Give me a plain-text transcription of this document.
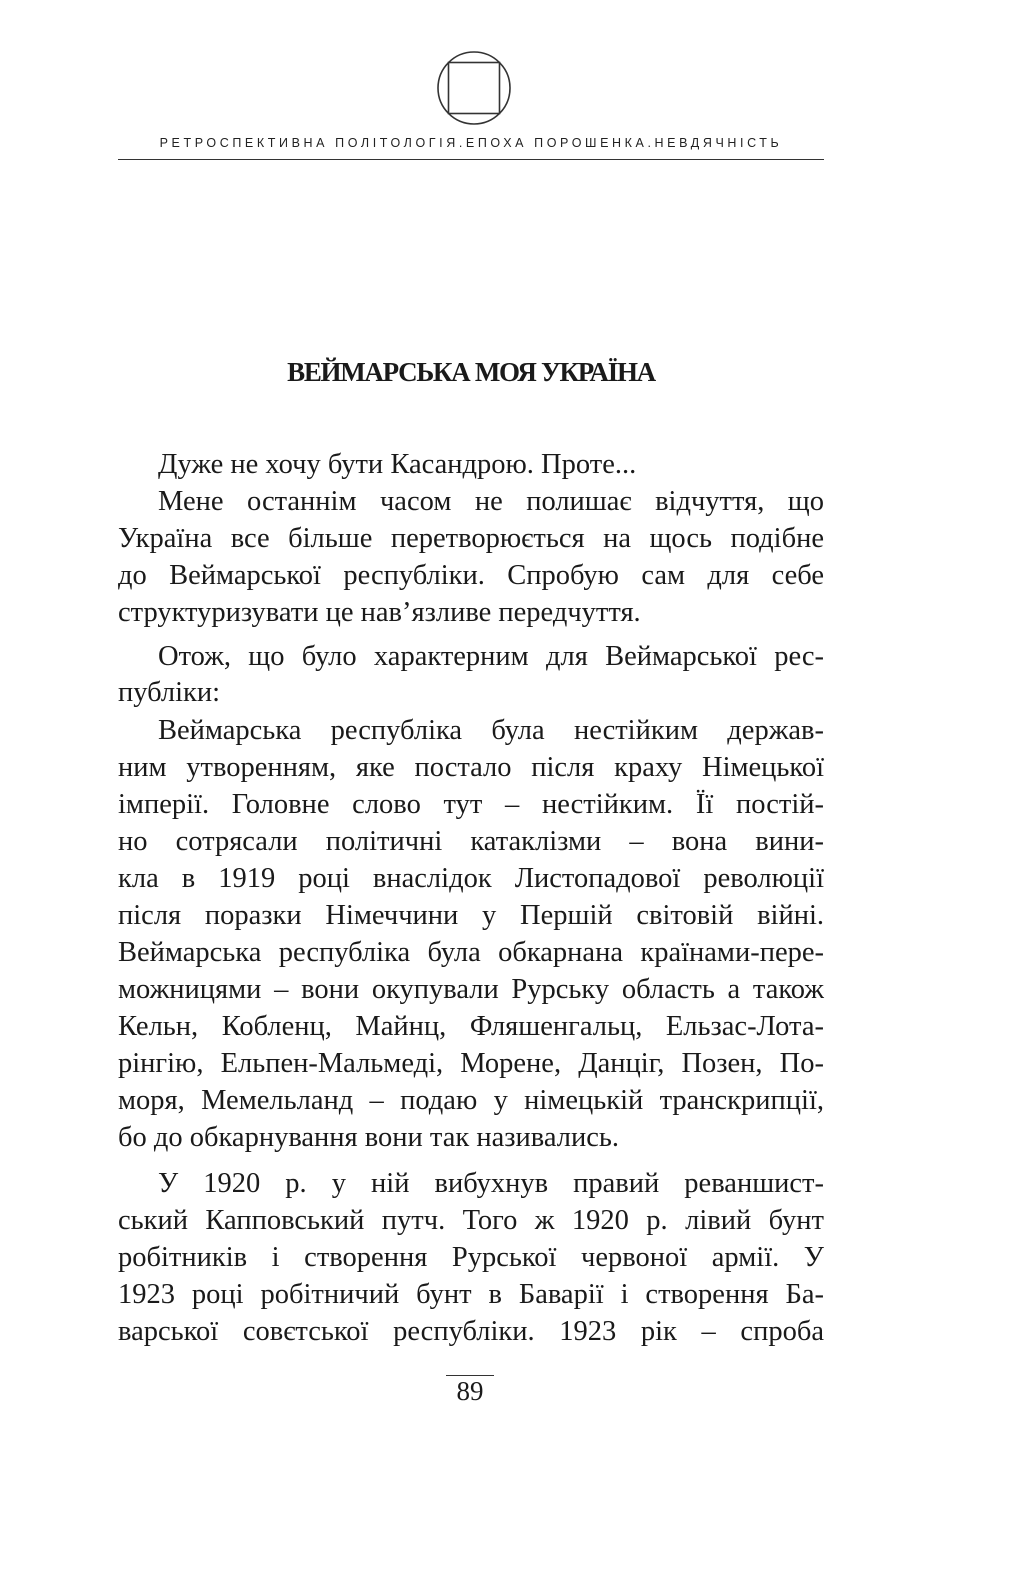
РЕТРОСПЕКТИВНА ПОЛІТОЛОГІЯ.ЕПОХА ПОРОШЕНКА.НЕВДЯЧНІСТЬ
ВЕЙМАРСЬКА МОЯ УКРАЇНА
Дуже не хочу бути Касандрою. Проте...
Мене останнім часом не полишає відчуття, що
Україна все більше перетворюється на щось подібне
до Веймарської республіки. Спробую сам для себе
структуризувати це нав’язливе передчуття.
Отож, що було характерним для Веймарської рес-
публіки:
Веймарська республіка була нестійким держав-
ним утворенням, яке постало після краху Німецької
імперії. Головне слово тут – нестійким. Її постій-
но сотрясали політичні катаклізми – вона вини-
кла в 1919 році внаслідок Листопадової революції
після поразки Німеччини у Першій світовій війні.
Веймарська республіка була обкарнана країнами-пере-
можницями – вони окупували Рурську область а також
Кельн, Кобленц, Майнц, Фляшенгальц, Ельзас-Лота-
рінгію, Ельпен-Мальмеді, Морене, Данціг, Позен, По-
моря, Мемельланд – подаю у німецькій транскрипції,
бо до обкарнування вони так називались.
У 1920 р. у ній вибухнув правий реваншист-
ський Капповський путч. Того ж 1920 р. лівий бунт
робітників і створення Рурської червоної армії. У
1923 році робітничий бунт в Баварії і створення Ба-
варської совєтської республіки. 1923 рік – спроба
89
